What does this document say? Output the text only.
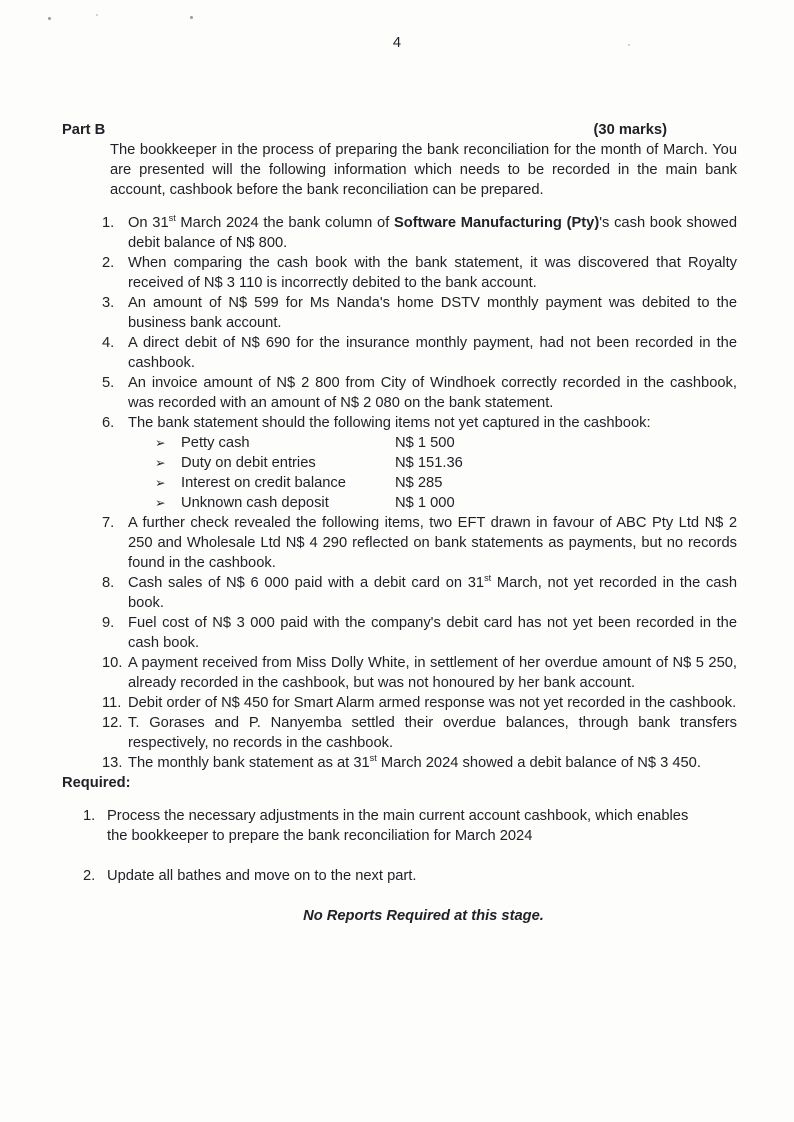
4
Part B	(30 marks)
The bookkeeper in the process of preparing the bank reconciliation for the month of March. You are presented will the following information which needs to be recorded in the main bank account, cashbook before the bank reconciliation can be prepared.
1. On 31st March 2024 the bank column of Software Manufacturing (Pty)'s cash book showed debit balance of N$ 800.
2. When comparing the cash book with the bank statement, it was discovered that Royalty received of N$ 3 110 is incorrectly debited to the bank account.
3. An amount of N$ 599 for Ms Nanda's home DSTV monthly payment was debited to the business bank account.
4. A direct debit of N$ 690 for the insurance monthly payment, had not been recorded in the cashbook.
5. An invoice amount of N$ 2 800 from City of Windhoek correctly recorded in the cashbook, was recorded with an amount of N$ 2 080 on the bank statement.
6. The bank statement should the following items not yet captured in the cashbook:
➢	Petty cash	N$ 1 500
➢	Duty on debit entries	N$ 151.36
➢	Interest on credit balance	N$ 285
➢	Unknown cash deposit	N$ 1 000
7. A further check revealed the following items, two EFT drawn in favour of ABC Pty Ltd N$ 2 250 and Wholesale Ltd N$ 4 290 reflected on bank statements as payments, but no records found in the cashbook.
8. Cash sales of N$ 6 000 paid with a debit card on 31st March, not yet recorded in the cash book.
9. Fuel cost of N$ 3 000 paid with the company's debit card has not yet been recorded in the cash book.
10. A payment received from Miss Dolly White, in settlement of her overdue amount of N$ 5 250, already recorded in the cashbook, but was not honoured by her bank account.
11. Debit order of N$ 450 for Smart Alarm armed response was not yet recorded in the cashbook.
12. T. Gorases and P. Nanyemba settled their overdue balances, through bank transfers respectively, no records in the cashbook.
13. The monthly bank statement as at 31st March 2024 showed a debit balance of N$ 3 450.
Required:
1. Process the necessary adjustments in the main current account cashbook, which enables the bookkeeper to prepare the bank reconciliation for March 2024
2. Update all bathes and move on to the next part.
No Reports Required at this stage.
